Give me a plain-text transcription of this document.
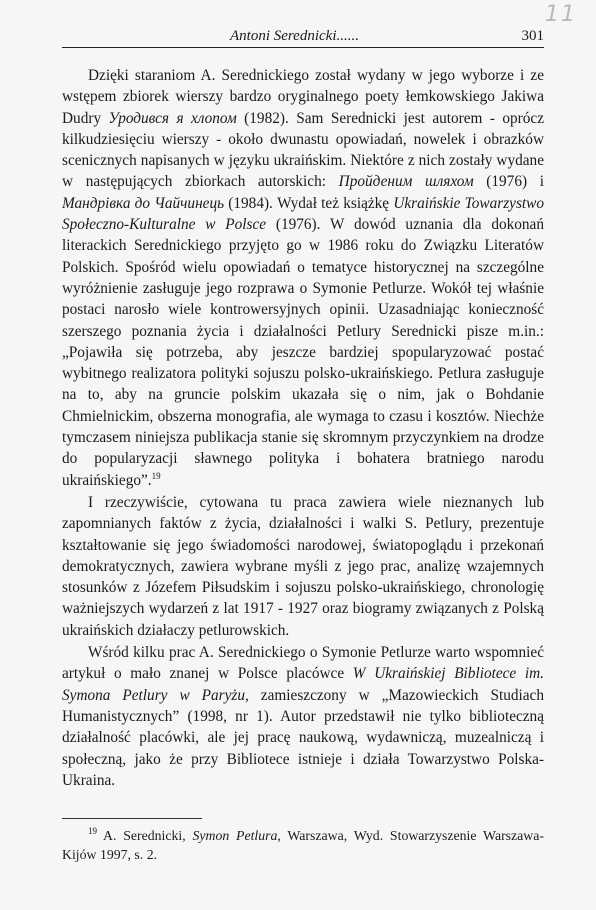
11
Antoni Serednicki......	301

Dzięki staraniom A. Serednickiego został wydany w jego wyborze i ze wstępem zbiorek wierszy bardzo oryginalnego poety łemkowskiego Jakiwa Dudry Уродився я хлопом (1982). Sam Serednicki jest autorem - oprócz kilkudziesięciu wierszy - około dwunastu opowiadań, nowelek i obrazków scenicznych napisanych w języku ukraińskim. Niektóre z nich zostały wydane w następujących zbiorkach autorskich: Пройденим шляхом (1976) i Мандрівка до Чайчинець (1984). Wydał też książkę Ukraińskie Towarzystwo Społeczno-Kulturalne w Polsce (1976). W dowód uznania dla dokonań literackich Serednickiego przyjęto go w 1986 roku do Związku Literatów Polskich. Spośród wielu opowiadań o tematyce historycznej na szczególne wyróżnienie zasługuje jego rozprawa o Symonie Petlurze. Wokół tej właśnie postaci narosło wiele kontrowersyjnych opinii. Uzasadniając konieczność szerszego poznania życia i działalności Petlury Serednicki pisze m.in.: „Pojawiła się potrzeba, aby jeszcze bardziej spopularyzować postać wybitnego realizatora polityki sojuszu polsko-ukraińskiego. Petlura zasługuje na to, aby na gruncie polskim ukazała się o nim, jak o Bohdanie Chmielnickim, obszerna monografia, ale wymaga to czasu i kosztów. Niechże tymczasem niniejsza publikacja stanie się skromnym przyczynkiem na drodze do popularyzacji sławnego polityka i bohatera bratniego narodu ukraińskiego”.$^{19}$

I rzeczywiście, cytowana tu praca zawiera wiele nieznanych lub zapomnianych faktów z życia, działalności i walki S. Petlury, prezentuje kształtowanie się jego świadomości narodowej, światopoglądu i przekonań demokratycznych, zawiera wybrane myśli z jego prac, analizę wzajemnych stosunków z Józefem Piłsudskim i sojuszu polsko-ukraińskiego, chronologię ważniejszych wydarzeń z lat 1917 - 1927 oraz biogramy związanych z Polską ukraińskich działaczy petlurowskich.

Wśród kilku prac A. Serednickiego o Symonie Petlurze warto wspomnieć artykuł o mało znanej w Polsce placówce W Ukraińskiej Bibliotece im. Symona Petlury w Paryżu, zamieszczony w „Mazowieckich Studiach Humanistycznych” (1998, nr 1). Autor przedstawił nie tylko biblioteczną działalność placówki, ale jej pracę naukową, wydawniczą, muzealniczą i społeczną, jako że przy Bibliotece istnieje i działa Towarzystwo Polska-Ukraina.

$^{19}$ A. Serednicki, Symon Petlura, Warszawa, Wyd. Stowarzyszenie Warszawa-Kijów 1997, s. 2.
